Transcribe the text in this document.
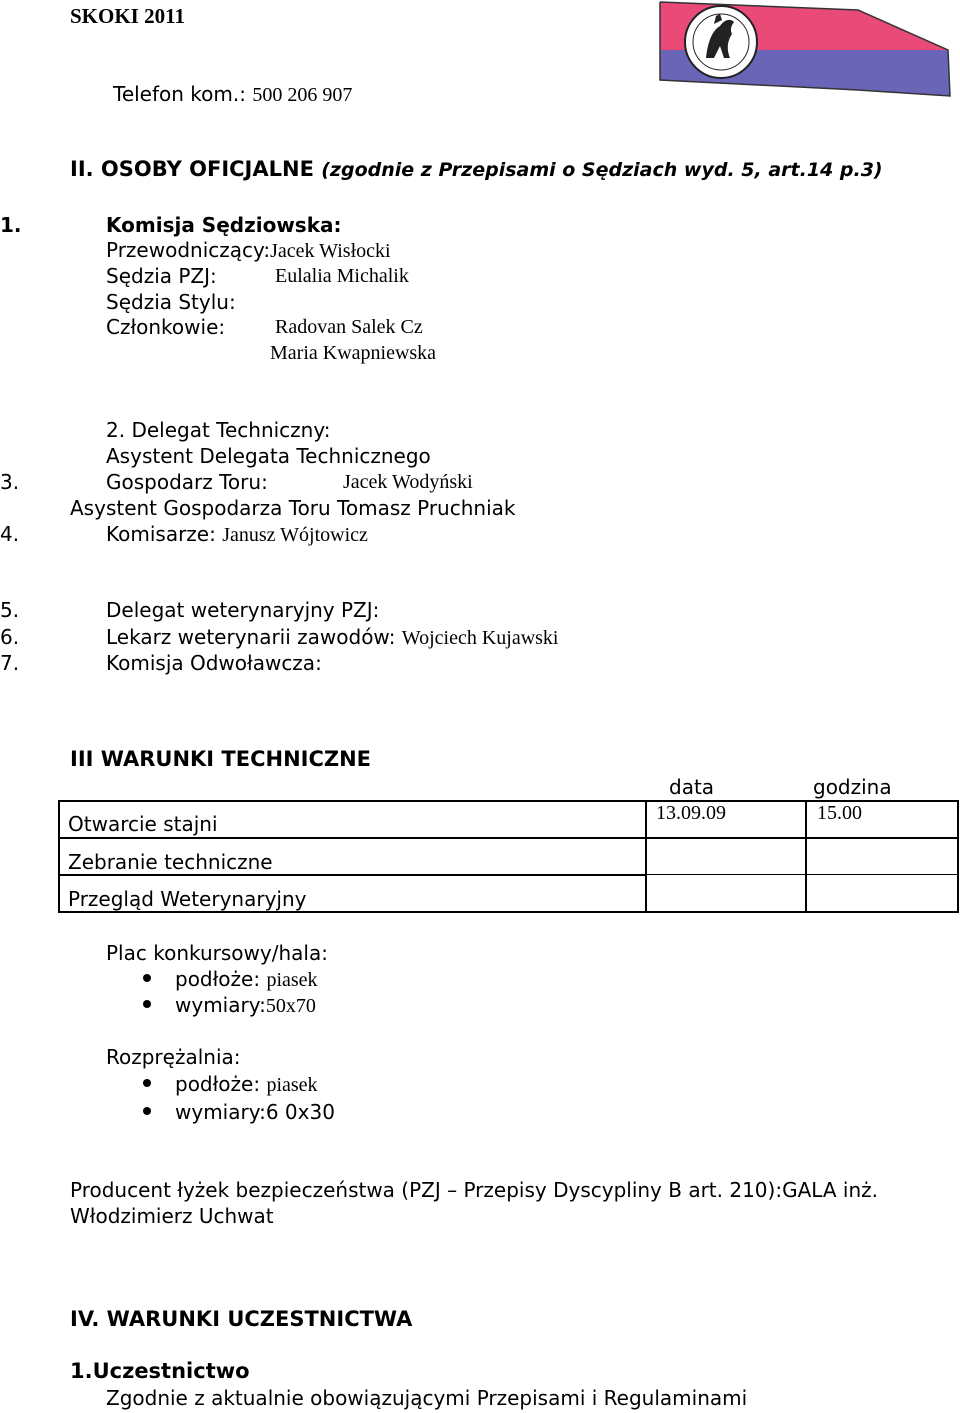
SKOKI 2011
Telefon kom.: 500 206 907
II. OSOBY OFICJALNE (zgodnie z Przepisami o Sędziach wyd. 5, art.14 p.3)
1.	Komisja Sędziowska:
Przewodniczący:Jacek Wisłocki
Sędzia PZJ:	Eulalia Michalik
Sędzia Stylu:
Członkowie: Radovan Salek Cz
Maria Kwapniewska
2. Delegat Techniczny:
Asystent Delegata Technicznego
3.	Gospodarz Toru:	Jacek Wodyński
Asystent Gospodarza Toru Tomasz Pruchniak
4.	Komisarze: Janusz Wójtowicz
5.	Delegat weterynaryjny PZJ:
6.	Lekarz weterynarii zawodów: Wojciech Kujawski
7.	Komisja Odwoławcza:
III WARUNKI TECHNICZNE
data	godzina
Otwarcie stajni	13.09.09	15.00
Zebranie techniczne
Przegląd Weterynaryjny
Plac konkursowy/hala:
podłoże: piasek
wymiary:50x70
Rozprężalnia:
podłoże: piasek
wymiary:6 0x30
Producent łyżek bezpieczeństwa (PZJ – Przepisy Dyscypliny B art. 210):GALA inż.
Włodzimierz Uchwat
IV. WARUNKI UCZESTNICTWA
1.Uczestnictwo
Zgodnie z aktualnie obowiązującymi Przepisami i Regulaminami
